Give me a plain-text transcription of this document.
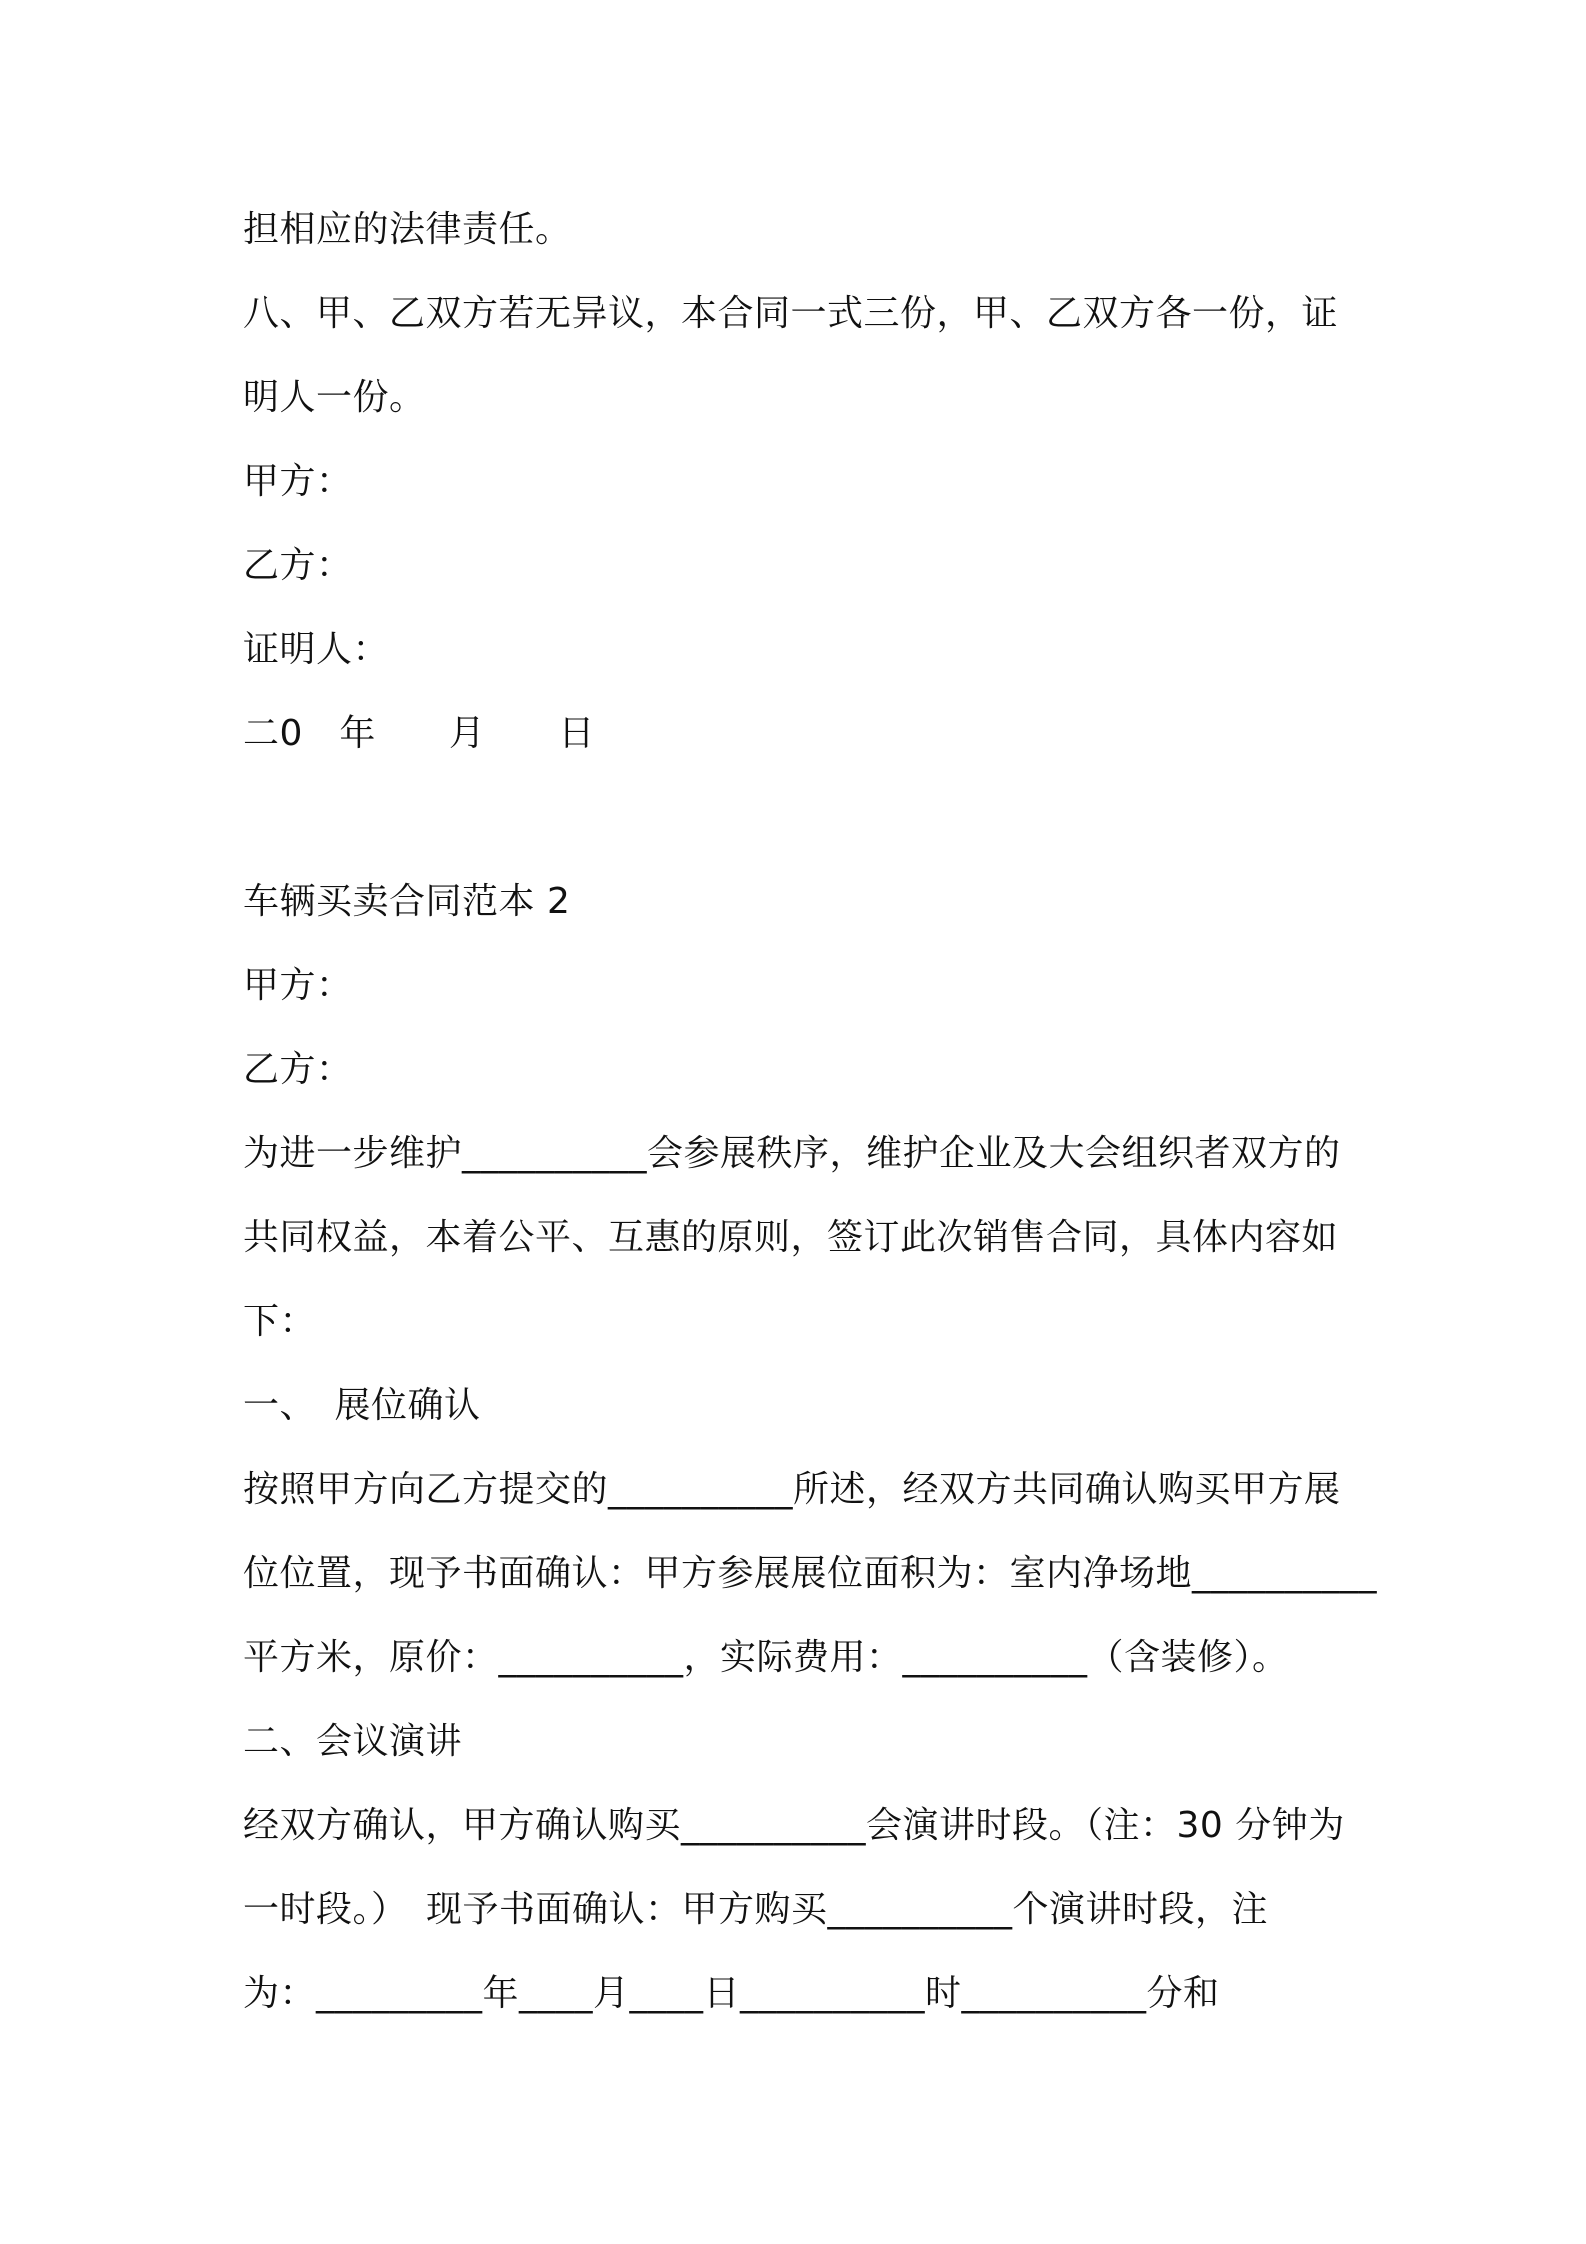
担相应的法律责任。
八、甲、乙双方若无异议，本合同一式三份，甲、乙双方各一份，证
明人一份。
甲方：
乙方：
证明人：
二0　年　　月　　日
车辆买卖合同范本 2
甲方：
乙方：
为进一步维护__________会参展秩序，维护企业及大会组织者双方的
共同权益，本着公平、互惠的原则，签订此次销售合同，具体内容如
下：
一、　展位确认
按照甲方向乙方提交的__________所述，经双方共同确认购买甲方展
位位置，现予书面确认：甲方参展展位面积为：室内净场地__________
平方米，原价：__________，实际费用：__________（含装修）。
二、会议演讲
经双方确认，甲方确认购买__________会演讲时段。（注：30 分钟为
一时段。）　现予书面确认：甲方购买__________个演讲时段，注
为：_________年____月____日__________时__________分和
